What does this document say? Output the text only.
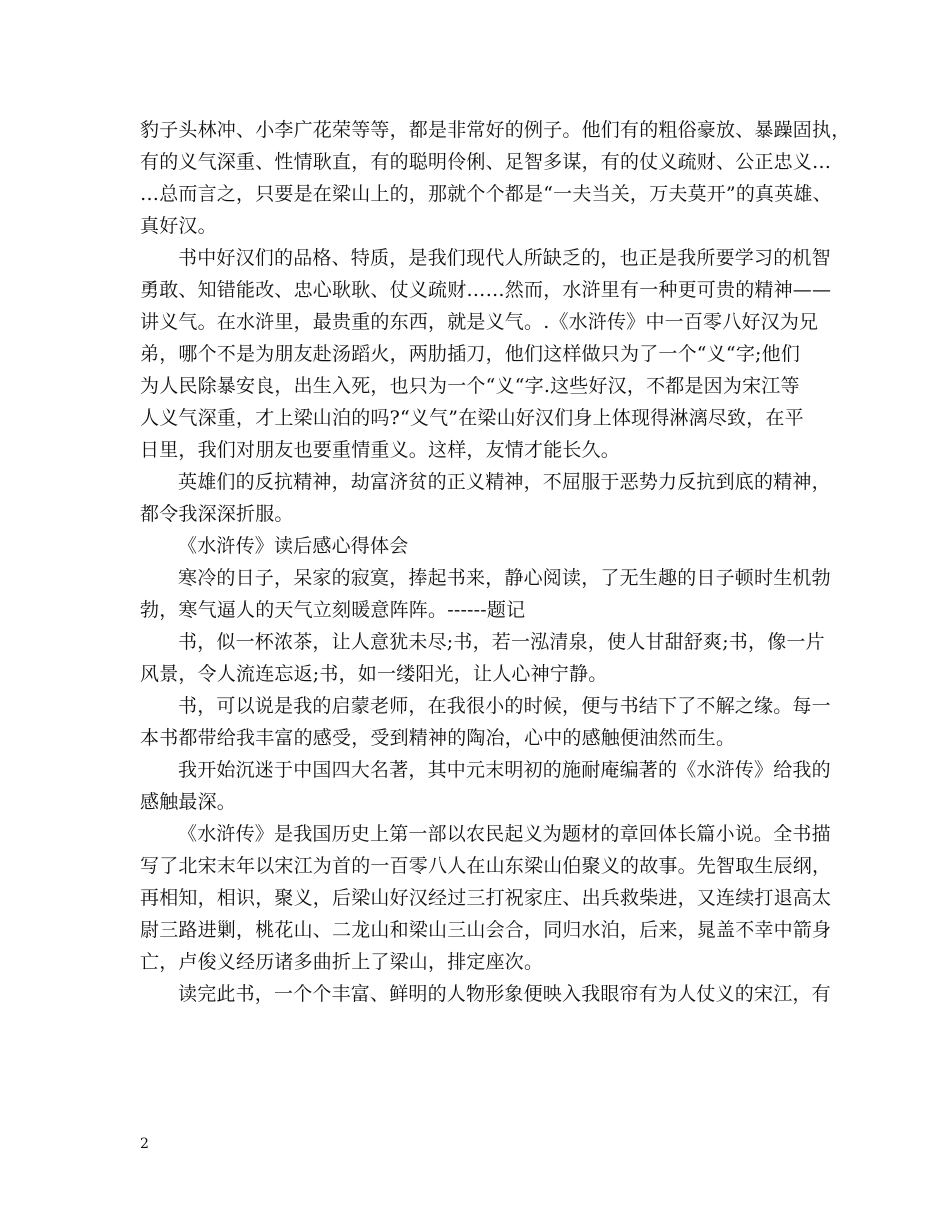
豹子头林冲、小李广花荣等等，都是非常好的例子。他们有的粗俗豪放、暴躁固执，
有的义气深重、性情耿直，有的聪明伶俐、足智多谋，有的仗义疏财、公正忠义…
…总而言之，只要是在梁山上的，那就个个都是“一夫当关，万夫莫开”的真英雄、
真好汉。
书中好汉们的品格、特质，是我们现代人所缺乏的，也正是我所要学习的机智
勇敢、知错能改、忠心耿耿、仗义疏财……然而，水浒里有一种更可贵的精神——
讲义气。在水浒里，最贵重的东西，就是义气。.《水浒传》中一百零八好汉为兄
弟，哪个不是为朋友赴汤蹈火，两肋插刀，他们这样做只为了一个“义“字;他们
为人民除暴安良，出生入死，也只为一个“义“字.这些好汉，不都是因为宋江等
人义气深重，才上梁山泊的吗?“义气”在梁山好汉们身上体现得淋漓尽致，在平
日里，我们对朋友也要重情重义。这样，友情才能长久。
英雄们的反抗精神，劫富济贫的正义精神，不屈服于恶势力反抗到底的精神，
都令我深深折服。
《水浒传》读后感心得体会
寒冷的日子，呆家的寂寞，捧起书来，静心阅读，了无生趣的日子顿时生机勃
勃，寒气逼人的天气立刻暖意阵阵。------题记
书，似一杯浓茶，让人意犹未尽;书，若一泓清泉，使人甘甜舒爽;书，像一片
风景，令人流连忘返;书，如一缕阳光，让人心神宁静。
书，可以说是我的启蒙老师，在我很小的时候，便与书结下了不解之缘。每一
本书都带给我丰富的感受，受到精神的陶冶，心中的感触便油然而生。
我开始沉迷于中国四大名著，其中元末明初的施耐庵编著的《水浒传》给我的
感触最深。
《水浒传》是我国历史上第一部以农民起义为题材的章回体长篇小说。全书描
写了北宋末年以宋江为首的一百零八人在山东梁山伯聚义的故事。先智取生辰纲，
再相知，相识，聚义，后梁山好汉经过三打祝家庄、出兵救柴进，又连续打退高太
尉三路进剿，桃花山、二龙山和梁山三山会合，同归水泊，后来，晁盖不幸中箭身
亡，卢俊义经历诸多曲折上了梁山，排定座次。
读完此书，一个个丰富、鲜明的人物形象便映入我眼帘有为人仗义的宋江，有
2
